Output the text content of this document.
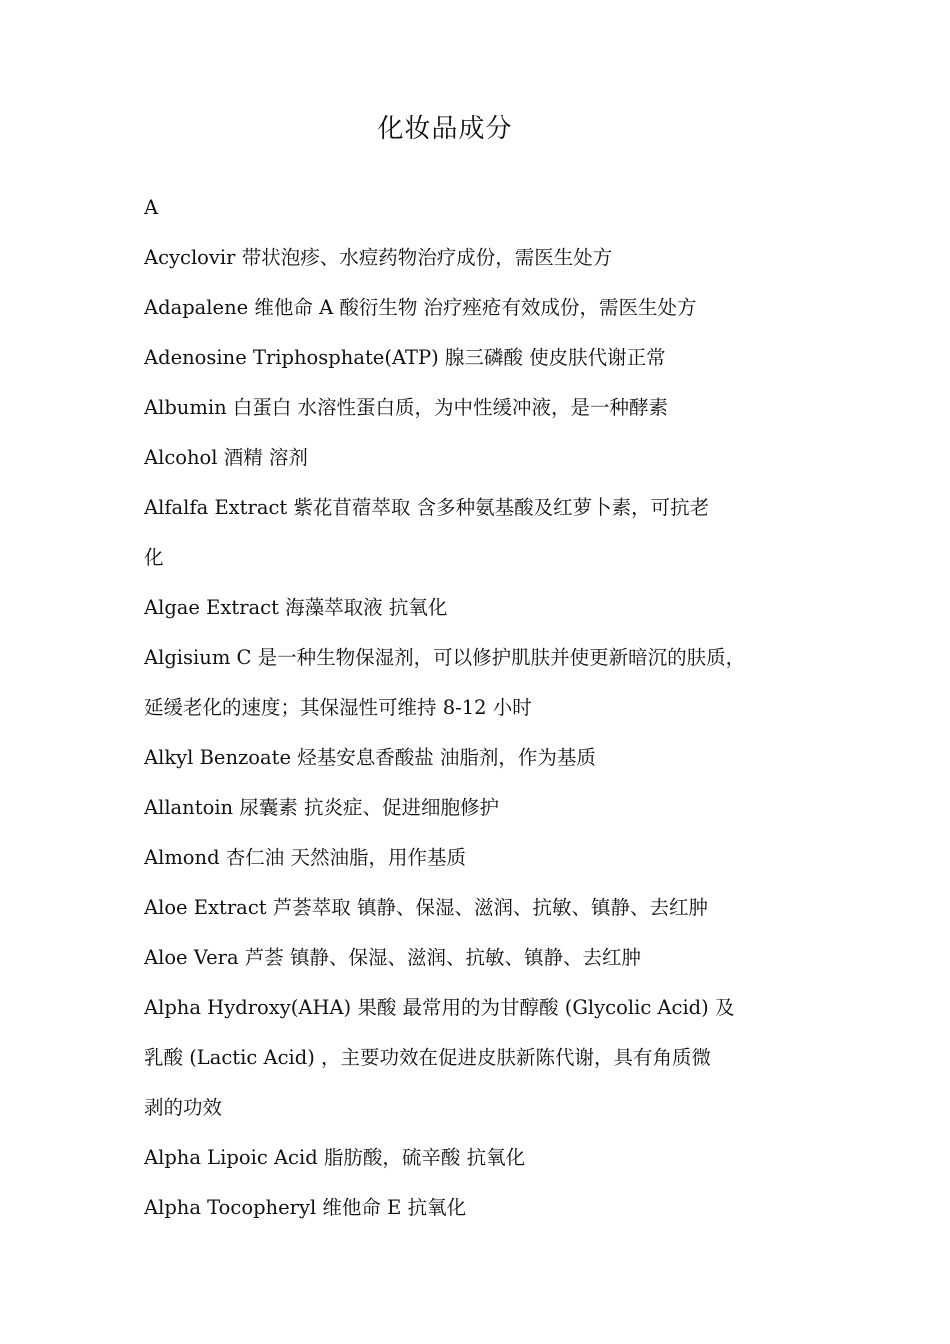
化妆品成分
A
Acyclovir 带状泡疹、水痘药物治疗成份，需医生处方
Adapalene 维他命 A 酸衍生物 治疗痤疮有效成份，需医生处方
Adenosine Triphosphate(ATP) 腺三磷酸 使皮肤代谢正常
Albumin 白蛋白 水溶性蛋白质，为中性缓冲液，是一种酵素
Alcohol 酒精 溶剂
Alfalfa Extract 紫花苜蓿萃取 含多种氨基酸及红萝卜素，可抗老
化
Algae Extract 海藻萃取液 抗氧化
Algisium C 是一种生物保湿剂，可以修护肌肤并使更新暗沉的肤质，
延缓老化的速度；其保湿性可维持 8-12 小时
Alkyl Benzoate 烃基安息香酸盐 油脂剂，作为基质
Allantoin 尿囊素 抗炎症、促进细胞修护
Almond 杏仁油 天然油脂，用作基质
Aloe Extract 芦荟萃取 镇静、保湿、滋润、抗敏、镇静、去红肿
Aloe Vera 芦荟 镇静、保湿、滋润、抗敏、镇静、去红肿
Alpha Hydroxy(AHA) 果酸 最常用的为甘醇酸 (Glycolic Acid) 及
乳酸 (Lactic Acid) ，主要功效在促进皮肤新陈代谢，具有角质微
剥的功效
Alpha Lipoic Acid 脂肪酸，硫辛酸 抗氧化
Alpha Tocopheryl 维他命 E 抗氧化
